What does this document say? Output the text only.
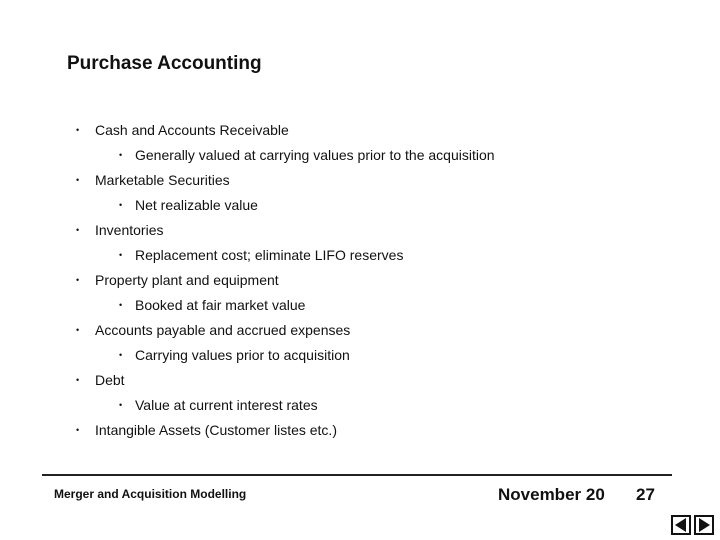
Purchase Accounting
• Cash and Accounts Receivable
• Generally valued at carrying values prior to the acquisition
• Marketable Securities
• Net realizable value
• Inventories
• Replacement cost; eliminate LIFO reserves
• Property plant and equipment
• Booked at fair market value
• Accounts payable and accrued expenses
• Carrying values prior to acquisition
• Debt
• Value at current interest rates
• Intangible Assets (Customer listes etc.)
Merger and Acquisition Modelling	November 20 27
